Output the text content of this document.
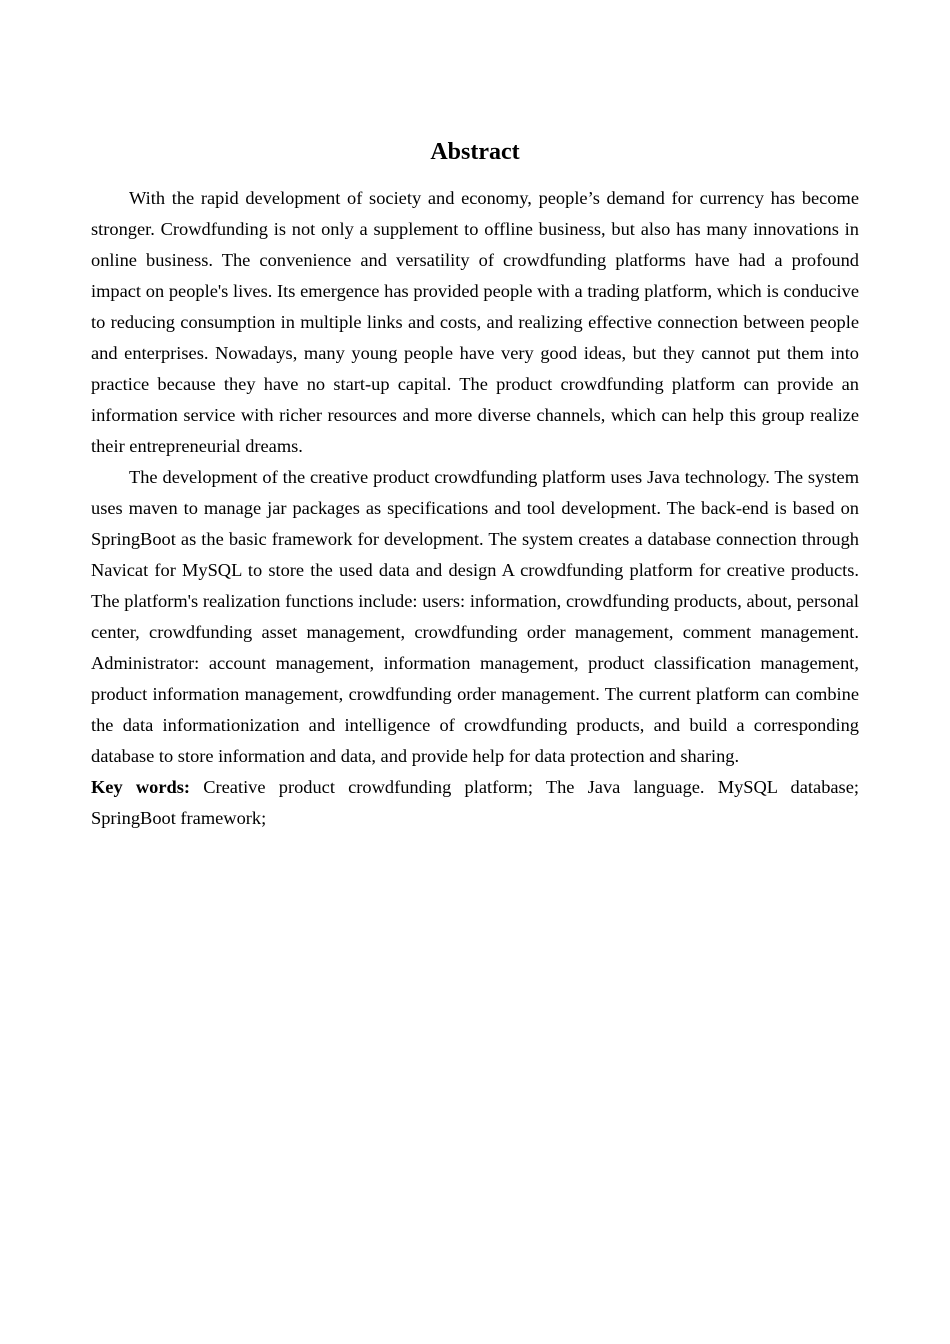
Abstract

With the rapid development of society and economy, people’s demand for currency has become stronger. Crowdfunding is not only a supplement to offline business, but also has many innovations in online business. The convenience and versatility of crowdfunding platforms have had a profound impact on people's lives. Its emergence has provided people with a trading platform, which is conducive to reducing consumption in multiple links and costs, and realizing effective connection between people and enterprises. Nowadays, many young people have very good ideas, but they cannot put them into practice because they have no start-up capital. The product crowdfunding platform can provide an information service with richer resources and more diverse channels, which can help this group realize their entrepreneurial dreams.

The development of the creative product crowdfunding platform uses Java technology. The system uses maven to manage jar packages as specifications and tool development. The back-end is based on SpringBoot as the basic framework for development. The system creates a database connection through Navicat for MySQL to store the used data and design A crowdfunding platform for creative products. The platform's realization functions include: users: information, crowdfunding products, about, personal center, crowdfunding asset management, crowdfunding order management, comment management. Administrator: account management, information management, product classification management, product information management, crowdfunding order management. The current platform can combine the data informationization and intelligence of crowdfunding products, and build a corresponding database to store information and data, and provide help for data protection and sharing.

Key words: Creative product crowdfunding platform; The Java language. MySQL database; SpringBoot framework;
